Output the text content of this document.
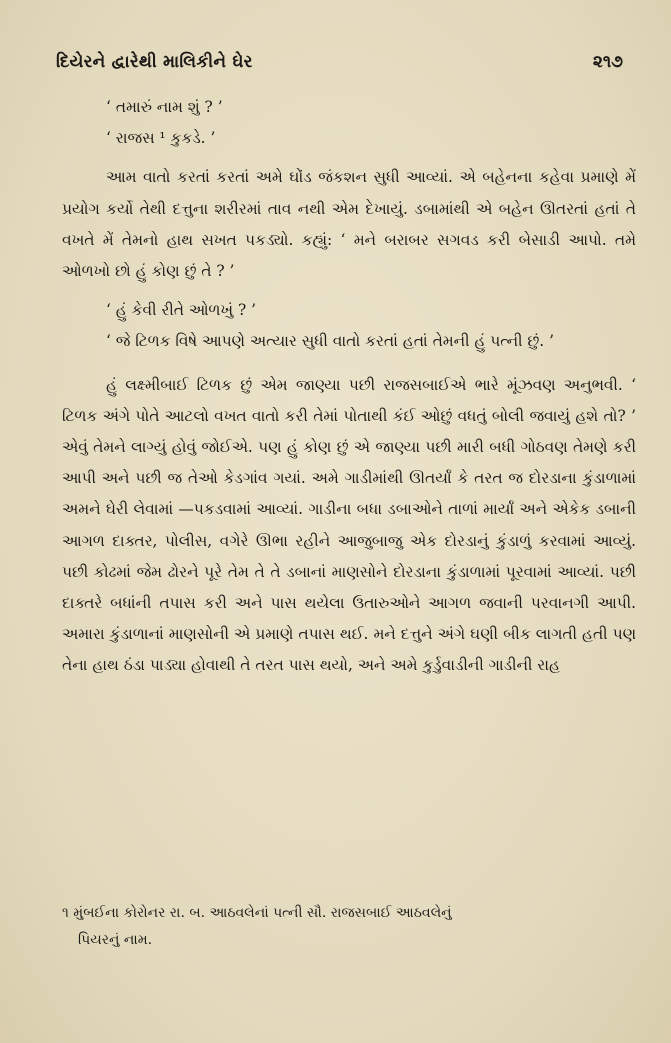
દિયેરને દ્વારેથી માલિકીને ઘેર	૨૧૭

‘ તમારું નામ શું ? ’

‘ રાજસ ¹ કુકડે. ’

આમ વાતો કરતાં કરતાં અમે ઘોંડ જંકશન સુધી આવ્યાં. એ બહેનના કહેવા પ્રમાણે મેં પ્રયોગ કર્યો તેથી દત્તુના શરીરમાં તાવ નથી એમ દેખાયું. ડબામાંથી એ બહેન ઊતરતાં હતાં તે વખતે મેં તેમનો હાથ સખત પકડ્યો. કહ્યું: ‘ મને બરાબર સગવડ કરી બેસાડી આપો. તમે ઓળખો છો હું કોણ છું તે ? ’

‘ હું કેવી રીતે ઓળખું ? ’

‘ જે ટિળક વિષે આપણે અત્યાર સુધી વાતો કરતાં હતાં તેમની હું પત્ની છું. ’

હું લક્ષ્મીબાઈ ટિળક છું એમ જાણ્યા પછી રાજસબાઈએ ભારે મૂંઝવણ અનુભવી. ‘ ટિળક અંગે પોતે આટલો વખત વાતો કરી તેમાં પોતાથી કંઈ ઓછું વધતું બોલી જવાયું હશે તો? ’ એવું તેમને લાગ્યું હોવું જોઈએ. પણ હું કોણ છું એ જાણ્યા પછી મારી બધી ગોઠવણ તેમણે કરી આપી અને પછી જ તેઓ કેડગાંવ ગયાં. અમે ગાડીમાંથી ઊતર્યાં કે તરત જ દોરડાના કુંડાળામાં અમને ઘેરી લેવામાં —પકડવામાં આવ્યાં. ગાડીના બધા ડબાઓને તાળાં માર્યાં અને એકેક ડબાની આગળ દાક્તર, પોલીસ, વગેરે ઊભા રહીને આજુબાજુ એક દોરડાનું કુંડાળું કરવામાં આવ્યું. પછી કોઢમાં જેમ ઢોરને પૂરે તેમ તે તે ડબાનાં માણસોને દોરડાના કુંડાળામાં પૂરવામાં આવ્યાં. પછી દાક્તરે બધાંની તપાસ કરી અને પાસ થયેલા ઉતારુઓને આગળ જવાની પરવાનગી આપી. અમારા કુંડાળાનાં માણસોની એ પ્રમાણે તપાસ થઈ. મને દત્તુને અંગે ઘણી બીક લાગતી હતી પણ તેના હાથ ઠંડા પાડ્યા હોવાથી તે તરત પાસ થયો, અને અમે કુર્ડુવાડીની ગાડીની રાહ

૧ મુંબઈના કોરોનર રા. બ. આઠવલેનાં પત્ની સૌ. રાજસબાઈ આઠવલેનું

પિયરનું નામ.
